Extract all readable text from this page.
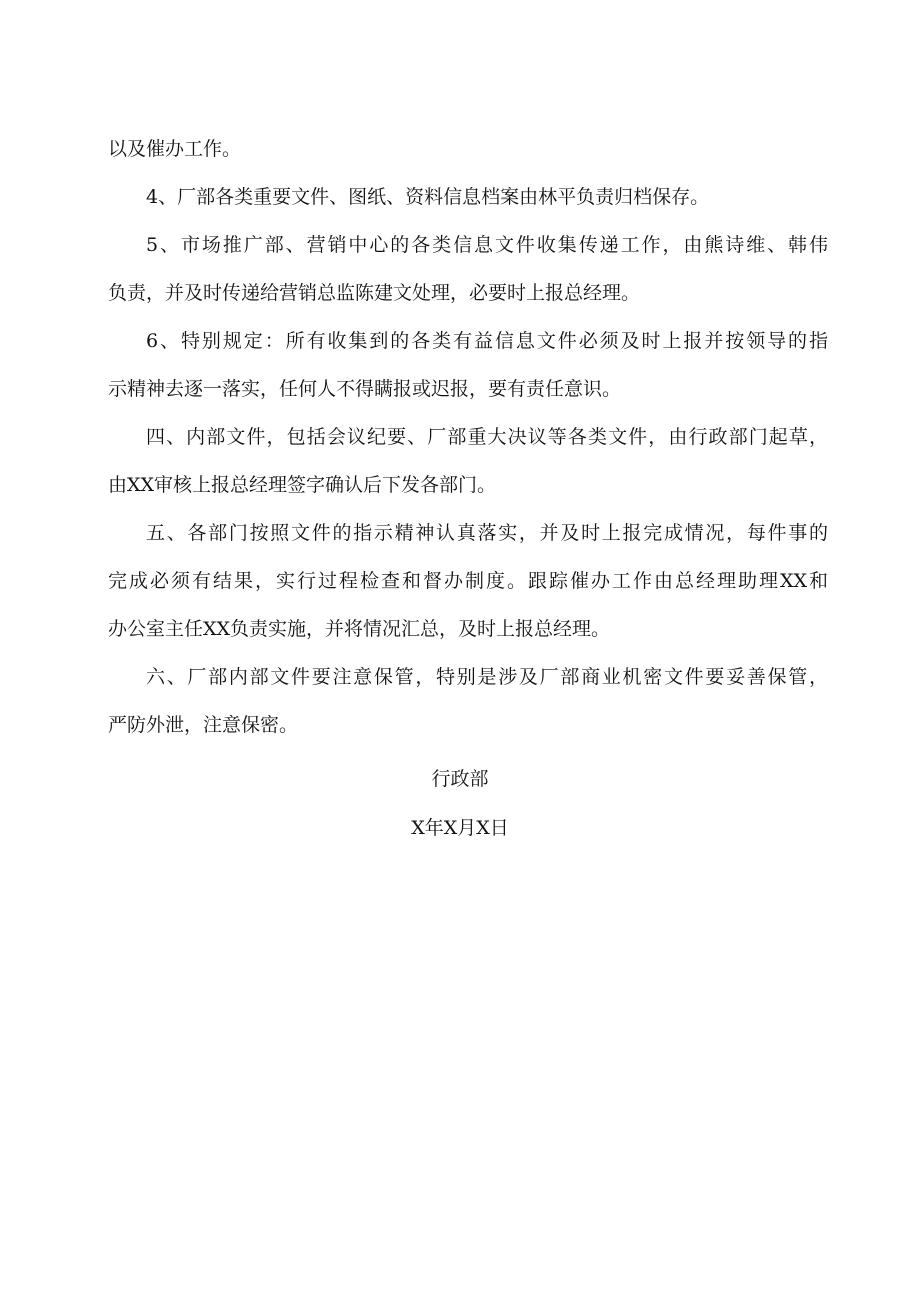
以及催办工作。
4、厂部各类重要文件、图纸、资料信息档案由林平负责归档保存。
5、市场推广部、营销中心的各类信息文件收集传递工作，由熊诗维、韩伟
负责，并及时传递给营销总监陈建文处理，必要时上报总经理。
6、特别规定：所有收集到的各类有益信息文件必须及时上报并按领导的指
示精神去逐一落实，任何人不得瞒报或迟报，要有责任意识。
四、内部文件，包括会议纪要、厂部重大决议等各类文件，由行政部门起草，
由XX审核上报总经理签字确认后下发各部门。
五、各部门按照文件的指示精神认真落实，并及时上报完成情况，每件事的
完成必须有结果，实行过程检查和督办制度。跟踪催办工作由总经理助理XX和
办公室主任XX负责实施，并将情况汇总，及时上报总经理。
六、厂部内部文件要注意保管，特别是涉及厂部商业机密文件要妥善保管，
严防外泄，注意保密。
行政部
X年X月X日
